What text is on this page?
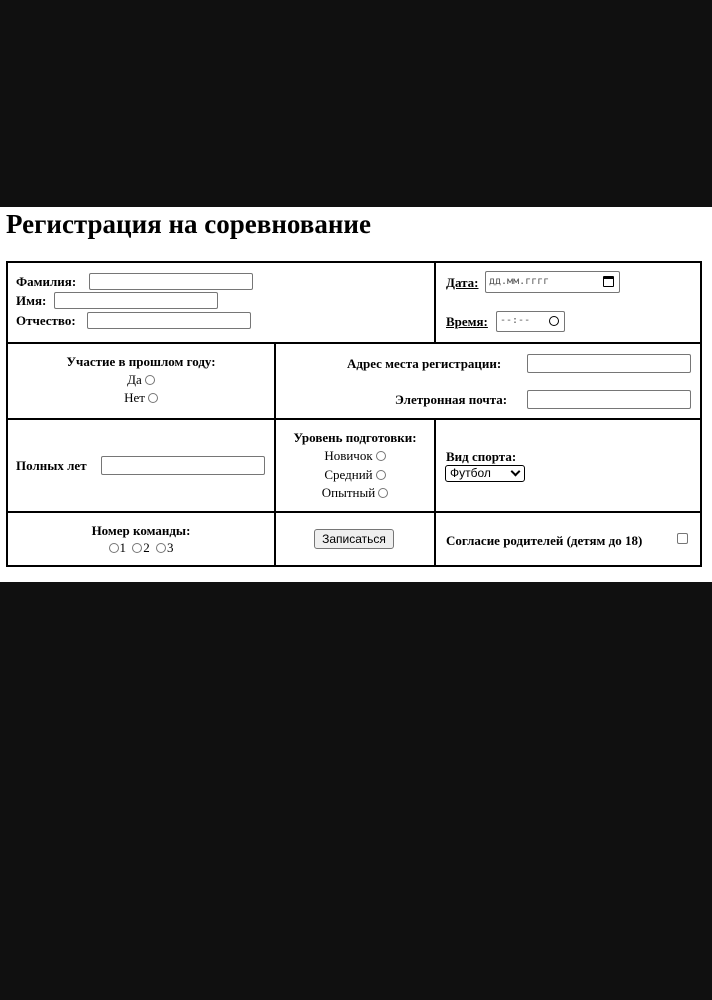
Регистрация на соревнование
Фамилия:
Имя:
Отчество:
Дата: дд.мм.гггг
Время: --:--
Участие в прошлом году:
Да
Нет
Адрес места регистрации:
Элетронная почта:
Полных лет
Уровень подготовки:
Новичок
Средний
Опытный
Вид спорта:
Футбол
Номер команды:
1 2 3
Записаться	Согласие родителей (детям до 18)
